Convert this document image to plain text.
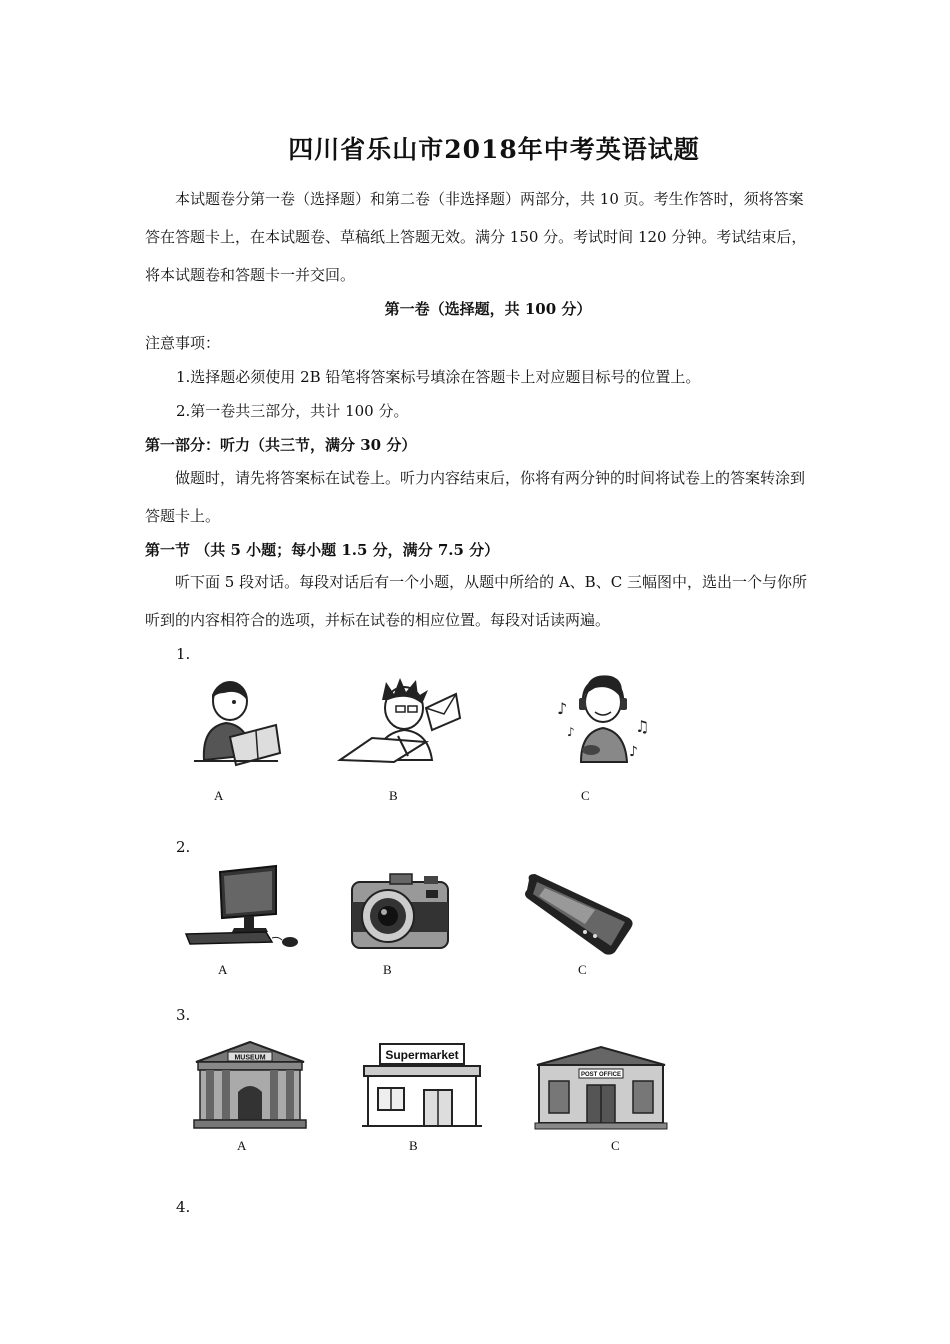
四川省乐山市2018年中考英语试题

本试题卷分第一卷（选择题）和第二卷（非选择题）两部分，共 10 页。考生作答时，须将答案答在答题卡上，在本试题卷、草稿纸上答题无效。满分 150 分。考试时间 120 分钟。考试结束后，将本试题卷和答题卡一并交回。

第一卷（选择题，共 100 分）
注意事项：
1.选择题必须使用 2B 铅笔将答案标号填涂在答题卡上对应题目标号的位置上。
2.第一卷共三部分，共计 100 分。
第一部分：听力（共三节，满分 30 分）

做题时，请先将答案标在试卷上。听力内容结束后，你将有两分钟的时间将试卷上的答案转涂到答题卡上。

第一节 （共 5 小题；每小题 1.5 分，满分 7.5 分）

听下面 5 段对话。每段对话后有一个小题，从题中所给的 A、B、C 三幅图中，选出一个与你所听到的内容相符合的选项，并标在试卷的相应位置。每段对话读两遍。

1.
A	B
♪
♫
♪
♪
C
2.
A	B	C
3.
MUSEUM
A
Supermarket
B
POST OFFICE
C
4.
